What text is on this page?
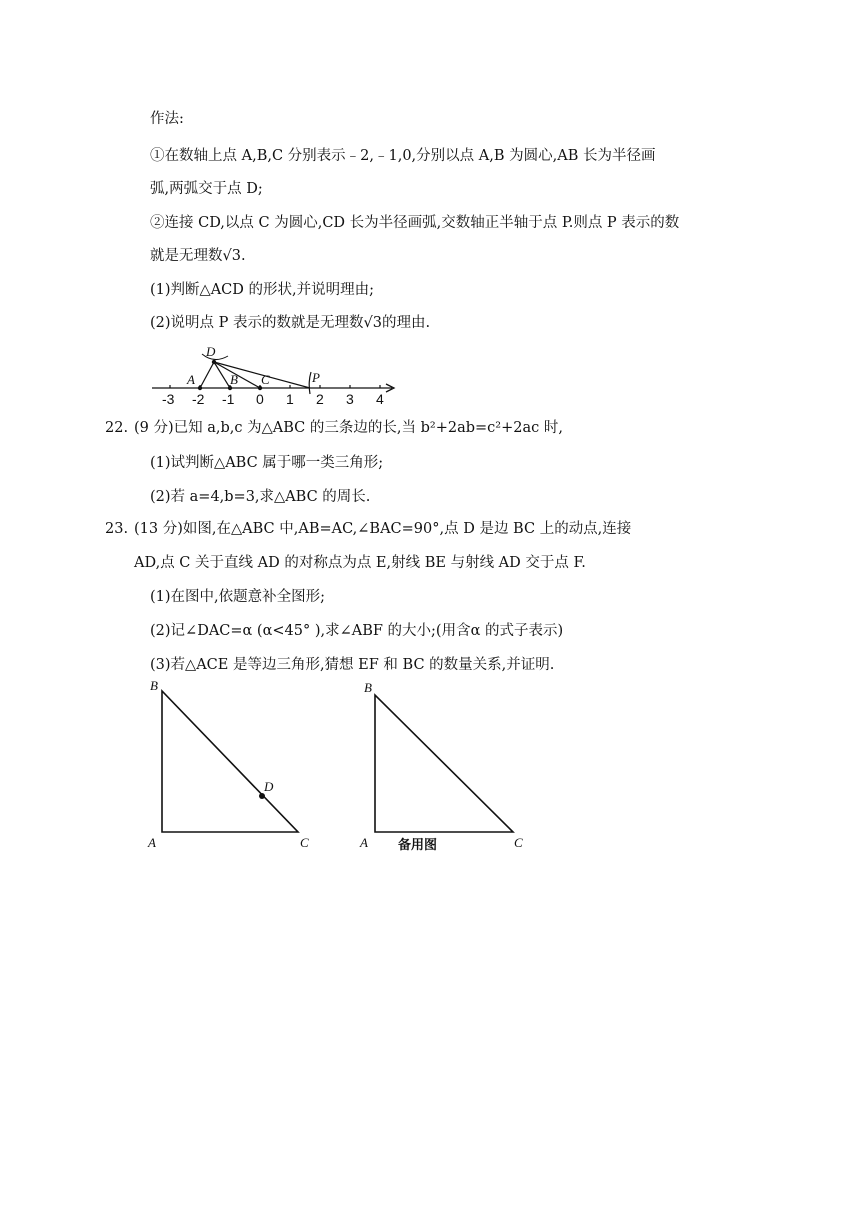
作法:
①在数轴上点 A,B,C 分别表示﹣2,﹣1,0,分别以点 A,B 为圆心,AB 长为半径画
弧,两弧交于点 D;
②连接 CD,以点 C 为圆心,CD 长为半径画弧,交数轴正半轴于点 P.则点 P 表示的数
就是无理数√3.
(1)判断△ACD 的形状,并说明理由;
(2)说明点 P 表示的数就是无理数√3的理由.
-3 -2 -1 0 1 2 3 4
A	B C
D
P
22. (9 分)已知 a,b,c 为△ABC 的三条边的长,当 b²+2ab=c²+2ac 时,
(1)试判断△ABC 属于哪一类三角形;
(2)若 a=4,b=3,求△ABC 的周长.
23. (13 分)如图,在△ABC 中,AB=AC,∠BAC=90°,点 D 是边 BC 上的动点,连接
AD,点 C 关于直线 AD 的对称点为点 E,射线 BE 与射线 AD 交于点 F.
(1)在图中,依题意补全图形;
(2)记∠DAC=α (α<45° ),求∠ABF 的大小;(用含α 的式子表示)
(3)若△ACE 是等边三角形,猜想 EF 和 BC 的数量关系,并证明.
B
D
A	C
B
A	C
备用图
